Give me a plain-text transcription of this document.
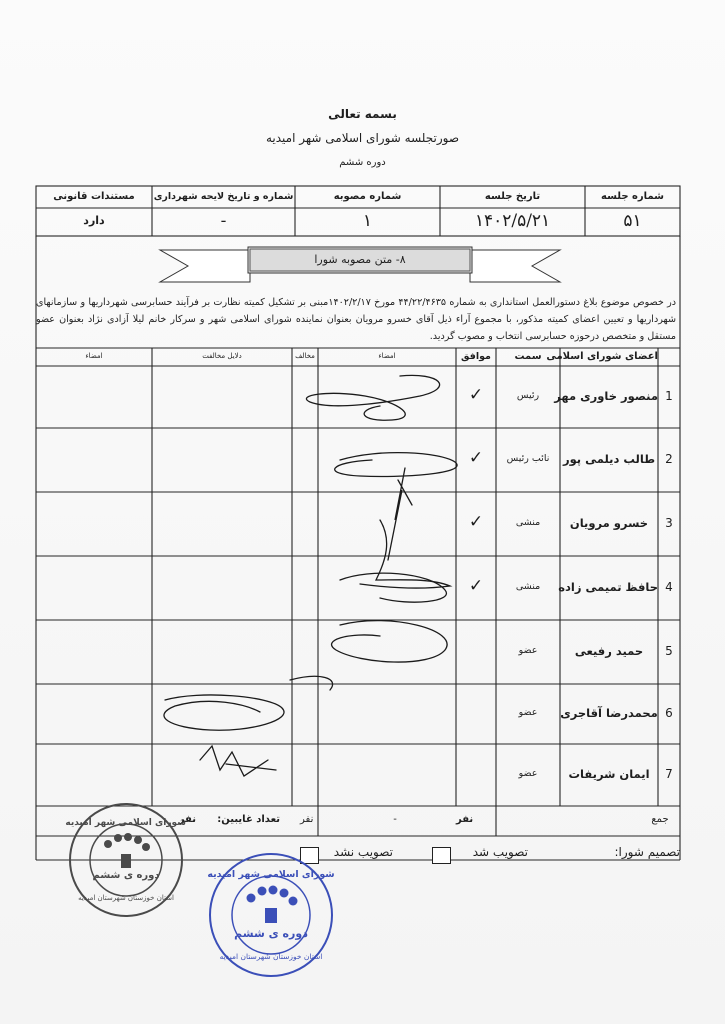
بسمه تعالی
صورتجلسه شورای اسلامی شهر امیدیه
دوره ششم
شماره جلسه
تاریخ جلسه
شماره مصوبه
شماره و تاریخ لایحه شهرداری
مستندات قانونی
۵۱
۱۴۰۲/۵/۲۱
۱
-
دارد
۸- متن مصوبه شورا
در خصوص موضوع بلاغ دستورالعمل استانداری به شماره ۴۴/۲۲/۴۶۳۵ مورخ ۱۴۰۲/۲/۱۷مبنی بر تشکیل کمیته نظارت بر فرآیند حسابرسی شهرداریها و سازمانهای شهرداریها و تعیین اعضای کمیته مذکور، با مجموع آراء ذیل آقای خسرو مرویان بعنوان نماینده شورای اسلامی شهر و سرکار خانم لیلا آزادی نژاد بعنوان عضو مستقل و متخصص درحوزه حسابرسی انتخاب و مصوب گردید.
اعضای شورای اسلامی
سمت
موافق
امضاء
مخالف
دلایل مخالفت
امضاء
1
منصور خاوری مهر
رئیس
✓
2
طالب دیلمی پور
نائب رئیس
✓
3
خسرو مرویان
منشی
✓
4
حافظ تمیمی زاده
منشی
✓
5
حمید رفیعی
عضو
6
محمدرضا آقاجری
عضو
7
ایمان شریفات
عضو
جمع
نفر
-
نفر
تعداد غایبین:
نفر
تصمیم شورا:
تصویب شد
تصویب نشد
شورای اسلامی شهر امیدیه
دوره ی ششم
استان خوزستان شهرستان امیدیه
شورای اسلامی شهر امیدیه
دوره ی ششم
استان خوزستان شهرستان امیدیه
